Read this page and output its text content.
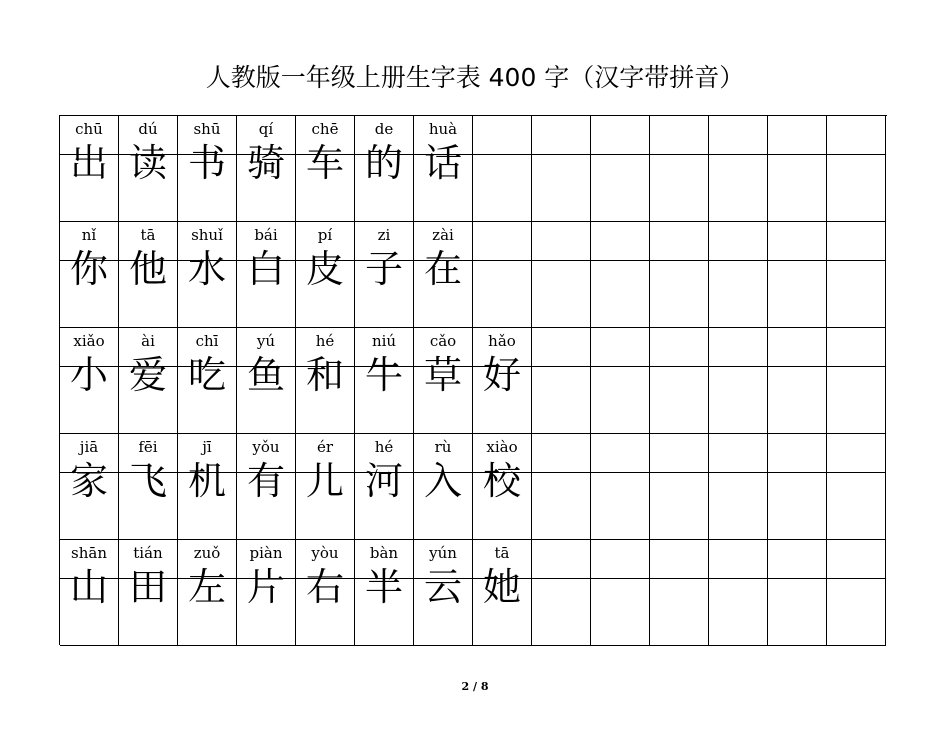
人教版一年级上册生字表 400 字（汉字带拼音）
chū
出
dú
读
shū
书
qí
骑
chē
车
de
的
huà
话
nǐ
你
tā
他
shuǐ
水
bái
白
pí
皮
zi
子
zài
在
xiǎo
小
ài
爱
chī
吃
yú
鱼
hé
和
niú
牛
cǎo
草
hǎo
好
jiā
家
fēi
飞
jī
机
yǒu
有
ér
儿
hé
河
rù
入
xiào
校
shān
山
tián
田
zuǒ
左
piàn
片
yòu
右
bàn
半
yún
云
tā
她
2 / 8
